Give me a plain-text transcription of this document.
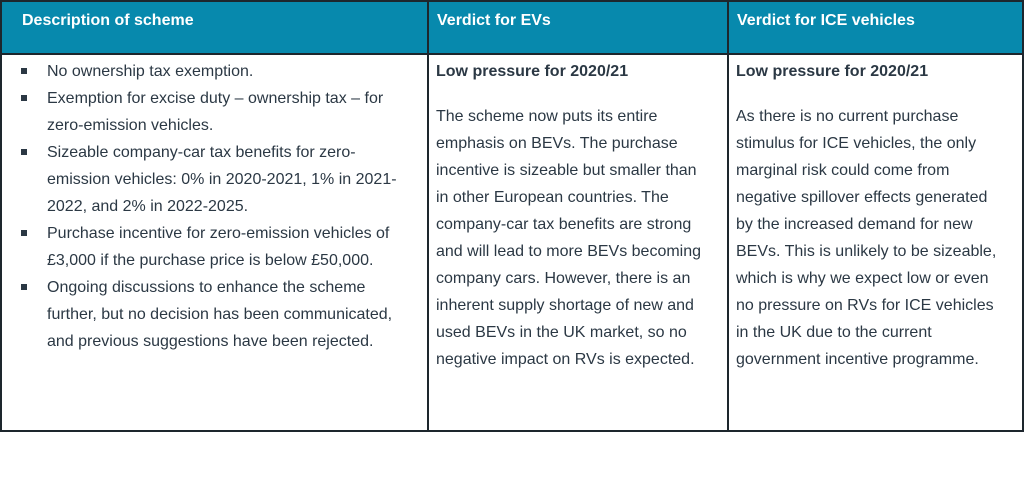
Description of scheme	Verdict for EVs	Verdict for ICE vehicles
No ownership tax exemption.
Exemption for excise duty – ownership tax – for zero-emission vehicles.
Sizeable company-car tax benefits for zero-emission vehicles: 0% in 2020-2021, 1% in 2021-2022, and 2% in 2022-2025.
Purchase incentive for zero-emission vehicles of £3,000 if the purchase price is below £50,000.
Ongoing discussions to enhance the scheme further, but no decision has been communicated, and previous suggestions have been rejected.

Low pressure for 2020/21

The scheme now puts its entire emphasis on BEVs. The purchase incentive is sizeable but smaller than in other European countries. The company-car tax benefits are strong and will lead to more BEVs becoming company cars. However, there is an inherent supply shortage of new and used BEVs in the UK market, so no negative impact on RVs is expected.

Low pressure for 2020/21

As there is no current purchase stimulus for ICE vehicles, the only marginal risk could come from negative spillover effects generated by the increased demand for new BEVs. This is unlikely to be sizeable, which is why we expect low or even no pressure on RVs for ICE vehicles in the UK due to the current government incentive programme.
